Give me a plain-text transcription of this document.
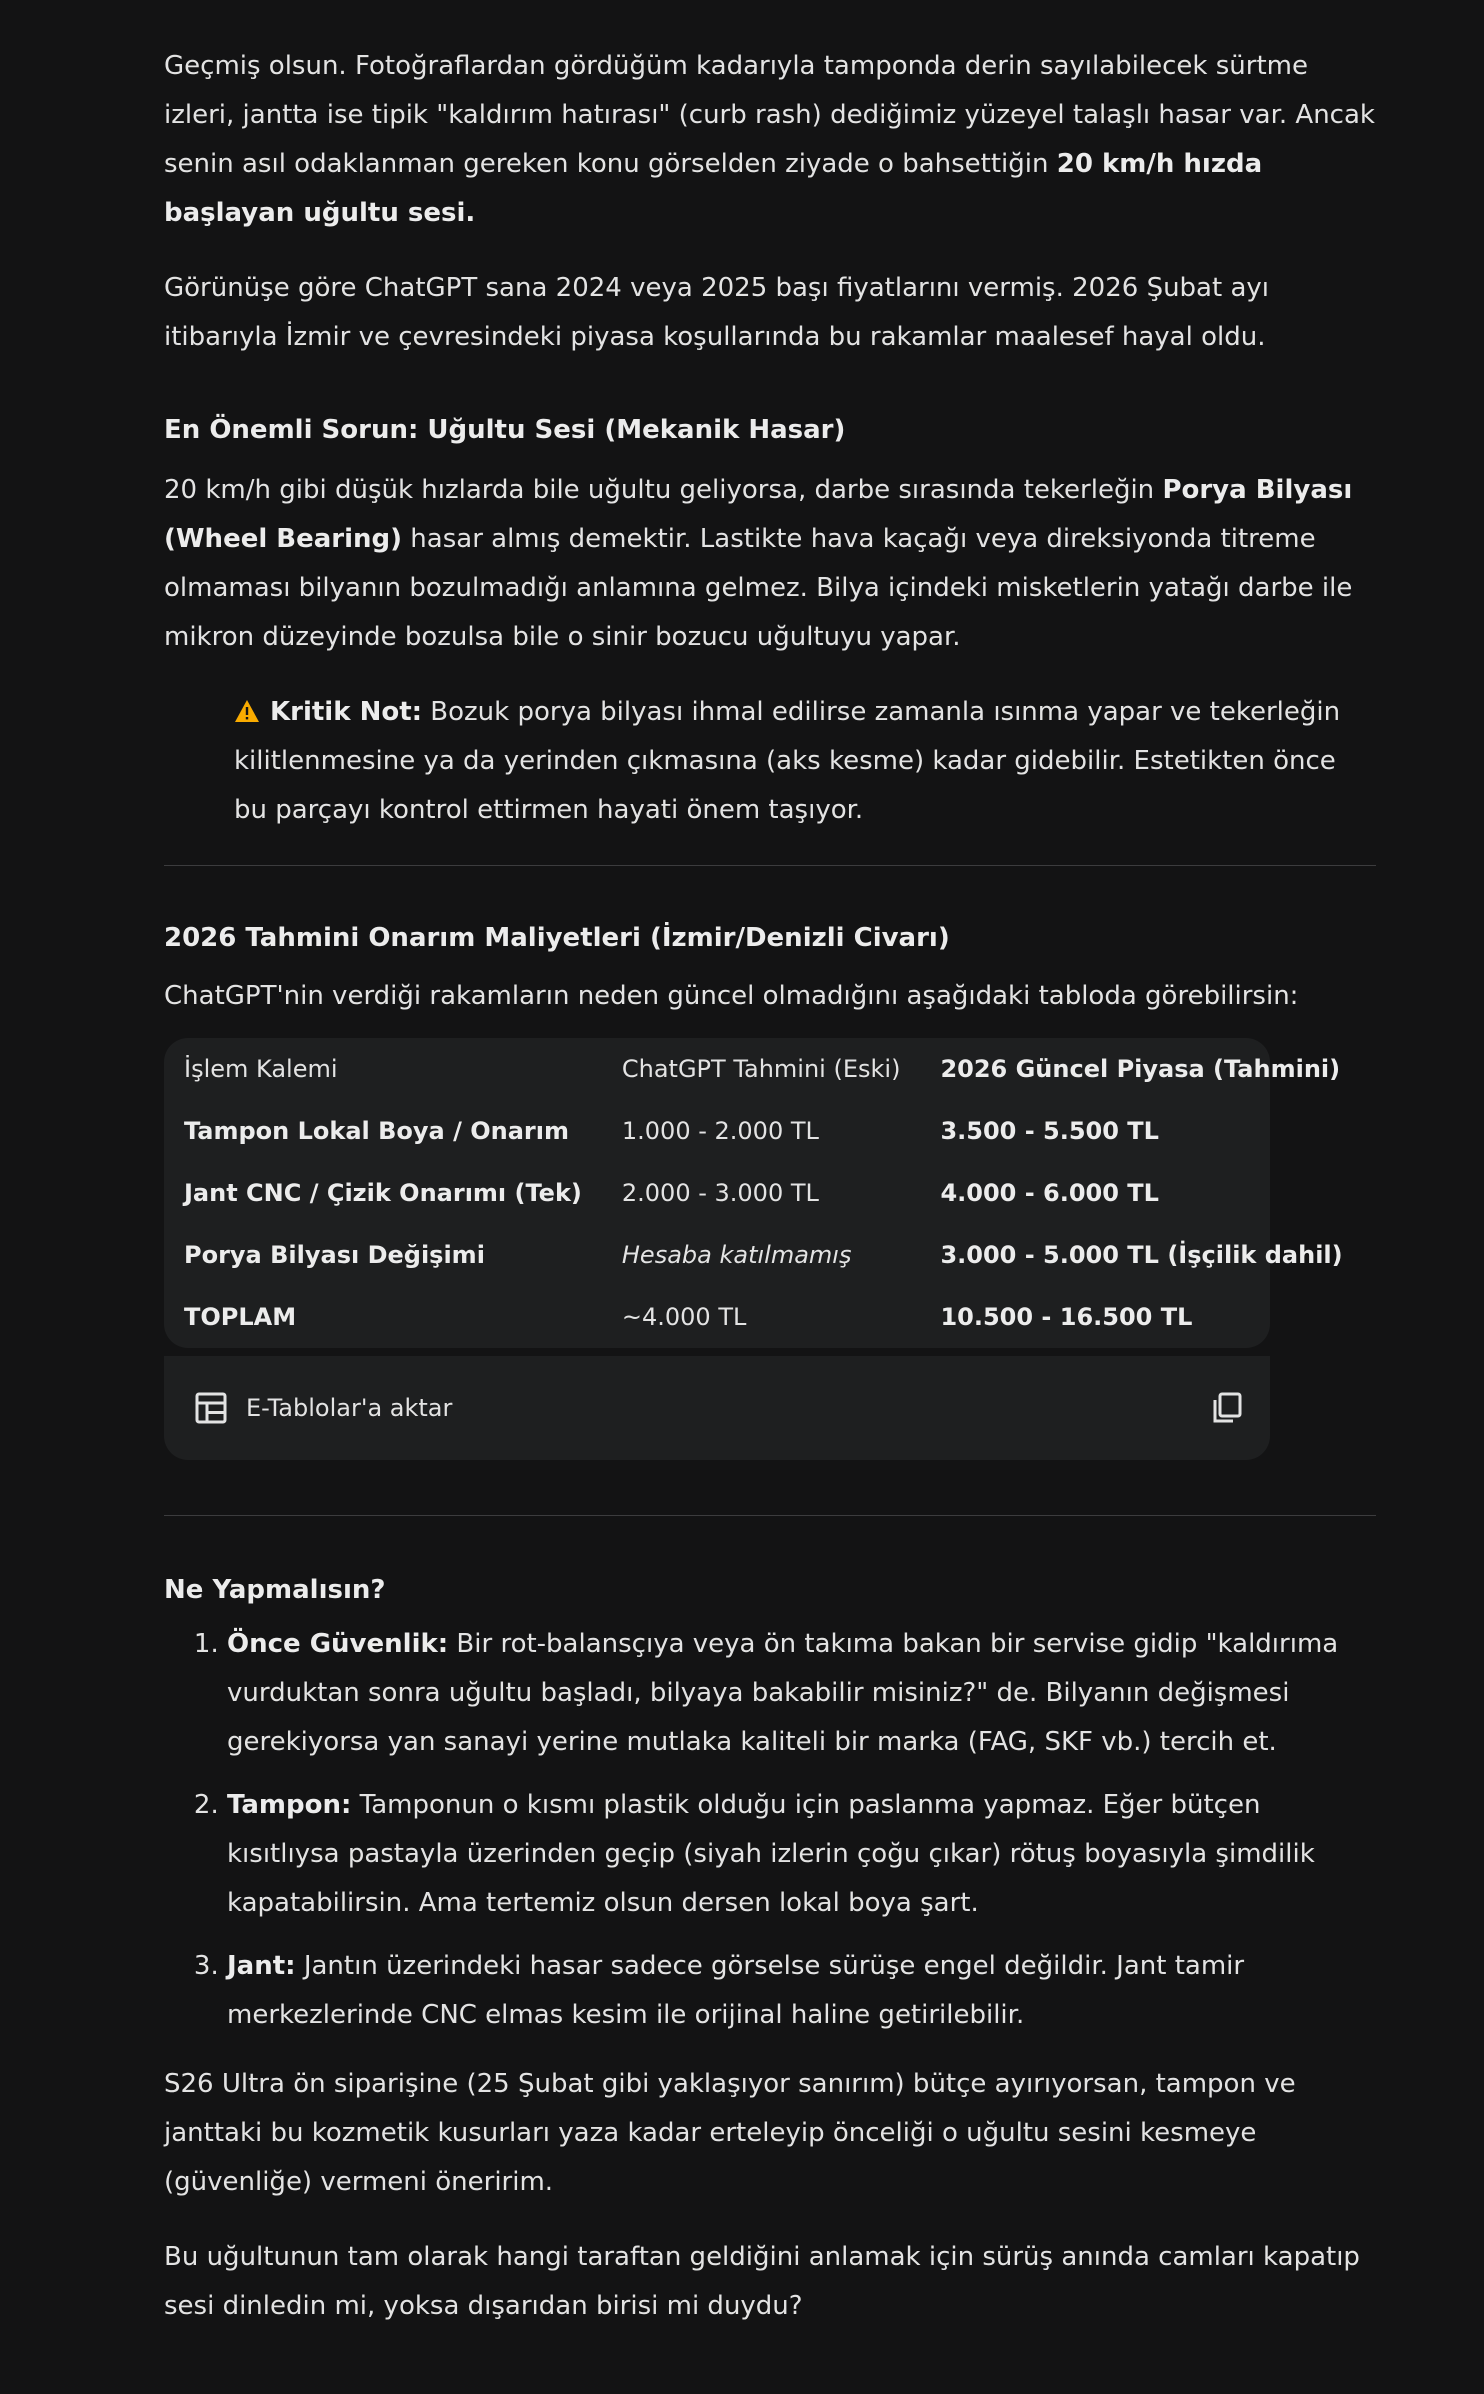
Geçmiş olsun. Fotoğraflardan gördüğüm kadarıyla tamponda derin sayılabilecek sürtme izleri, jantta ise tipik "kaldırım hatırası" (curb rash) dediğimiz yüzeyel talaşlı hasar var. Ancak senin asıl odaklanman gereken konu görselden ziyade o bahsettiğin 20 km/h hızda başlayan uğultu sesi.

Görünüşe göre ChatGPT sana 2024 veya 2025 başı fiyatlarını vermiş. 2026 Şubat ayı itibarıyla İzmir ve çevresindeki piyasa koşullarında bu rakamlar maalesef hayal oldu.

En Önemli Sorun: Uğultu Sesi (Mekanik Hasar)

20 km/h gibi düşük hızlarda bile uğultu geliyorsa, darbe sırasında tekerleğin Porya Bilyası (Wheel Bearing) hasar almış demektir. Lastikte hava kaçağı veya direksiyonda titreme olmaması bilyanın bozulmadığı anlamına gelmez. Bilya içindeki misketlerin yatağı darbe ile mikron düzeyinde bozulsa bile o sinir bozucu uğultuyu yapar.

Kritik Not: Bozuk porya bilyası ihmal edilirse zamanla ısınma yapar ve tekerleğin kilitlenmesine ya da yerinden çıkmasına (aks kesme) kadar gidebilir. Estetikten önce bu parçayı kontrol ettirmen hayati önem taşıyor.
2026 Tahmini Onarım Maliyetleri (İzmir/Denizli Civarı)

ChatGPT'nin verdiği rakamların neden güncel olmadığını aşağıdaki tabloda görebilirsin:

İşlem Kalemi	ChatGPT Tahmini (Eski)	2026 Güncel Piyasa (Tahmini)
Tampon Lokal Boya / Onarım	1.000 - 2.000 TL	3.500 - 5.500 TL
Jant CNC / Çizik Onarımı (Tek)	2.000 - 3.000 TL	4.000 - 6.000 TL
Porya Bilyası Değişimi	Hesaba katılmamış	3.000 - 5.000 TL (İşçilik dahil)
TOPLAM	~4.000 TL	10.500 - 16.500 TL
E-Tablolar'a aktar
Ne Yapmalısın?
1. Önce Güvenlik: Bir rot-balansçıya veya ön takıma bakan bir servise gidip "kaldırıma vurduktan sonra uğultu başladı, bilyaya bakabilir misiniz?" de. Bilyanın değişmesi gerekiyorsa yan sanayi yerine mutlaka kaliteli bir marka (FAG, SKF vb.) tercih et.
2. Tampon: Tamponun o kısmı plastik olduğu için paslanma yapmaz. Eğer bütçen kısıtlıysa pastayla üzerinden geçip (siyah izlerin çoğu çıkar) rötuş boyasıyla şimdilik kapatabilirsin. Ama tertemiz olsun dersen lokal boya şart.
3. Jant: Jantın üzerindeki hasar sadece görselse sürüşe engel değildir. Jant tamir merkezlerinde CNC elmas kesim ile orijinal haline getirilebilir.

S26 Ultra ön siparişine (25 Şubat gibi yaklaşıyor sanırım) bütçe ayırıyorsan, tampon ve janttaki bu kozmetik kusurları yaza kadar erteleyip önceliği o uğultu sesini kesmeye (güvenliğe) vermeni öneririm.

Bu uğultunun tam olarak hangi taraftan geldiğini anlamak için sürüş anında camları kapatıp sesi dinledin mi, yoksa dışarıdan birisi mi duydu?
